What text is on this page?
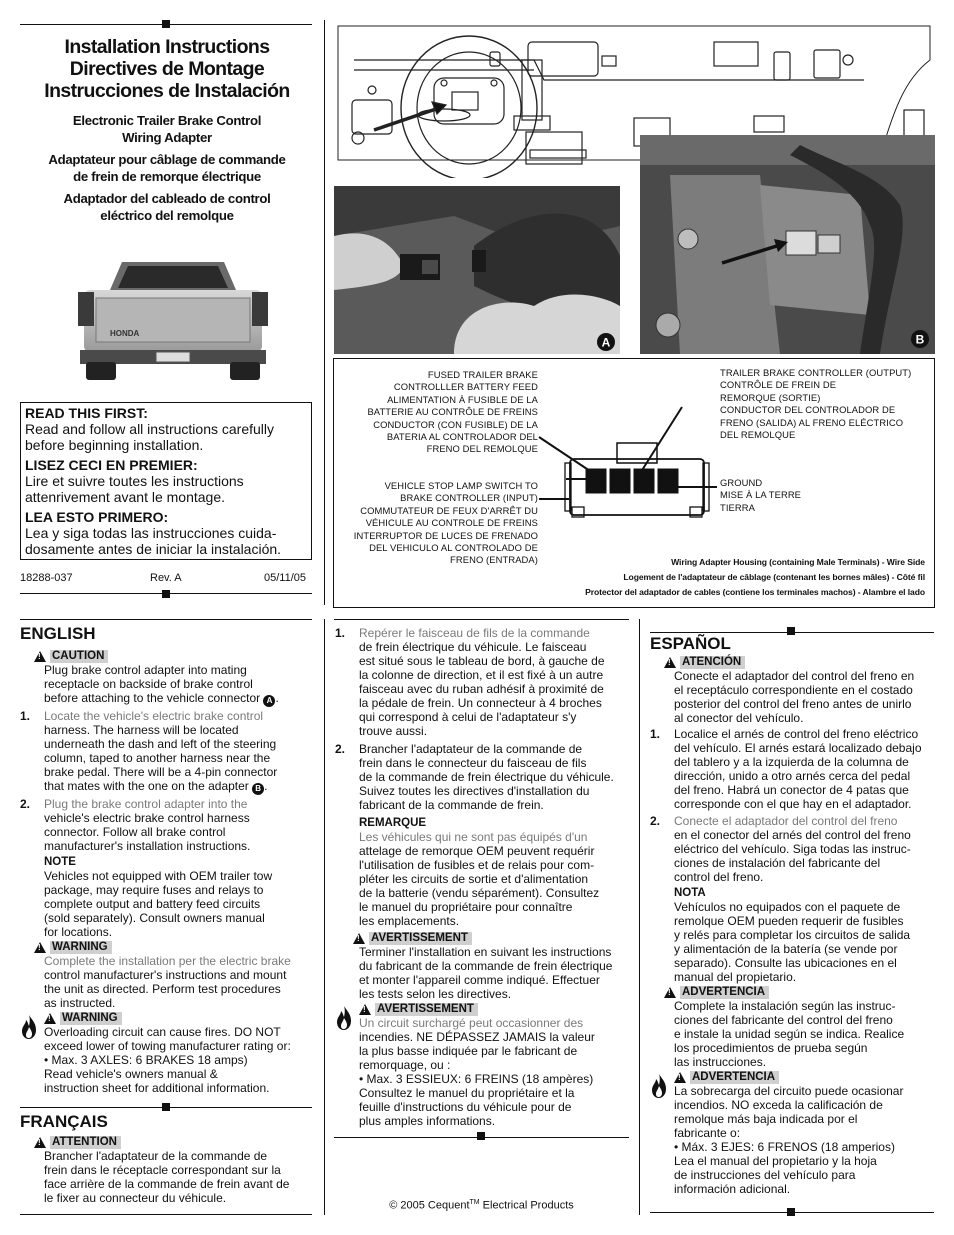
Installation Instructions
Directives de Montage
Instrucciones de Instalación
Electronic Trailer Brake Control
Wiring Adapter
Adaptateur pour câblage de commande
de frein de remorque électrique
Adaptador del cableado de control
eléctrico del remolque
HONDA
READ THIS FIRST:
Read and follow all instructions carefully
before beginning installation.
LISEZ CECI EN PREMIER:
Lire et suivre toutes les instructions
attenrivement avant le montage.
LEA ESTO PRIMERO:
Lea y siga todas las instrucciones cuida-
dosamente antes de iniciar la instalación.
18288-037	Rev. A	05/11/05
A	B
FUSED TRAILER BRAKE
CONTROLLLER BATTERY FEED
ALIMENTATION À FUSIBLE DE LA
BATTERIE AU CONTRÔLE DE FREINS
CONDUCTOR (CON FUSIBLE) DE LA
BATERIA AL CONTROLADOR DEL
FRENO DEL REMOLQUE
VEHICLE STOP LAMP SWITCH TO
BRAKE CONTROLLER (INPUT)
COMMUTATEUR DE FEUX D'ARRÊT DU
VÉHICULE AU CONTROLE DE FREINS
INTERRUPTOR DE LUCES DE FRENADO
DEL VEHICULO AL CONTROLADO DE
FRENO (ENTRADA)
TRAILER BRAKE CONTROLLER (OUTPUT)
CONTRÔLE DE FREIN DE
REMORQUE (SORTIE)
CONDUCTOR DEL CONTROLADOR DE
FRENO (SALIDA) AL FRENO ELÉCTRICO
DEL REMOLQUE
GROUND
MISE À LA TERRE
TIERRA
Wiring Adapter Housing (containing Male Terminals) - Wire Side
Logement de l'adaptateur de câblage (contenant les bornes mâles) - Côté fil
Protector del adaptador de cables (contiene los terminales machos) - Alambre el lado
ENGLISH
!
CAUTION
Plug brake control adapter into mating
receptacle on backside of brake control
before attaching to the vehicle connector A .
1. Locate the vehicle's electric brake control
harness. The harness will be located
underneath the dash and left of the steering
column, taped to another harness near the
brake pedal. There will be a 4-pin connector
that mates with the one on the adapter B .
2. Plug the brake control adapter into the
vehicle's electric brake control harness
connector. Follow all brake control
manufacturer's installation instructions.
NOTE
Vehicles not equipped with OEM trailer tow
package, may require fuses and relays to
complete output and battery feed circuits
(sold separately). Consult owners manual
for locations.
!
WARNING
Complete the installation per the electric brake
control manufacturer's instructions and mount
the unit as directed. Perform test procedures
as instructed.
!
WARNING
Overloading circuit can cause fires. DO NOT
exceed lower of towing manufacturer rating or:
• Max. 3 AXLES: 6 BRAKES 18 amps)
Read vehicle's owners manual &
instruction sheet for additional information.
FRANÇAIS
!
ATTENTION
Brancher l'adaptateur de la commande de
frein dans le réceptacle correspondant sur la
face arrière de la commande de frein avant de
le fixer au connecteur du véhicule.
1. Repérer le faisceau de fils de la commande
de frein électrique du véhicule. Le faisceau
est situé sous le tableau de bord, à gauche de
la colonne de direction, et il est fixé à un autre
faisceau avec du ruban adhésif à proximité de
la pédale de frein. Un connecteur à 4 broches
qui correspond à celui de l'adaptateur s'y
trouve aussi.
2. Brancher l'adaptateur de la commande de
frein dans le connecteur du faisceau de fils
de la commande de frein électrique du véhicule.
Suivez toutes les directives d'installation du
fabricant de la commande de frein.
REMARQUE
Les véhicules qui ne sont pas équipés d'un
attelage de remorque OEM peuvent requérir
l'utilisation de fusibles et de relais pour com-
pléter les circuits de sortie et d'alimentation
de la batterie (vendu séparément). Consultez
le manuel du propriétaire pour connaître
les emplacements.
!
AVERTISSEMENT
Terminer l'installation en suivant les instructions
du fabricant de la commande de frein électrique
et monter l'appareil comme indiqué. Effectuer
les tests selon les directives.
!
AVERTISSEMENT
Un circuit surchargé peut occasionner des
incendies. NE DÉPASSEZ JAMAIS la valeur
la plus basse indiquée par le fabricant de
remorquage, ou :
• Max. 3 ESSIEUX: 6 FREINS (18 ampères)
Consultez le manuel du propriétaire et la
feuille d'instructions du véhicule pour de
plus amples informations.
© 2005 Cequent™ Electrical Products
ESPAÑOL
!
ATENCIÓN
Conecte el adaptador del control del freno en
el receptáculo correspondiente en el costado
posterior del control del freno antes de unirlo
al conector del vehículo.
1. Localice el arnés de control del freno eléctrico
del vehículo. El arnés estará localizado debajo
del tablero y a la izquierda de la columna de
dirección, unido a otro arnés cerca del pedal
del freno. Habrá un conector de 4 patas que
corresponde con el que hay en el adaptador.
2. Conecte el adaptador del control del freno
en el conector del arnés del control del freno
eléctrico del vehículo. Siga todas las instruc-
ciones de instalación del fabricante del
control del freno.
NOTA
Vehículos no equipados con el paquete de
remolque OEM pueden requerir de fusibles
y relés para completar los circuitos de salida
y alimentación de la batería (se vende por
separado). Consulte las ubicaciones en el
manual del propietario.
!
ADVERTENCIA
Complete la instalación según las instruc-
ciones del fabricante del control del freno
e instale la unidad según se indica. Realice
los procedimientos de prueba según
las instrucciones.
!
ADVERTENCIA
La sobrecarga del circuito puede ocasionar
incendios. NO exceda la calificación de
remolque más baja indicada por el
fabricante o:
• Máx. 3 EJES: 6 FRENOS (18 amperios)
Lea el manual del propietario y la hoja
de instrucciones del vehículo para
información adicional.
